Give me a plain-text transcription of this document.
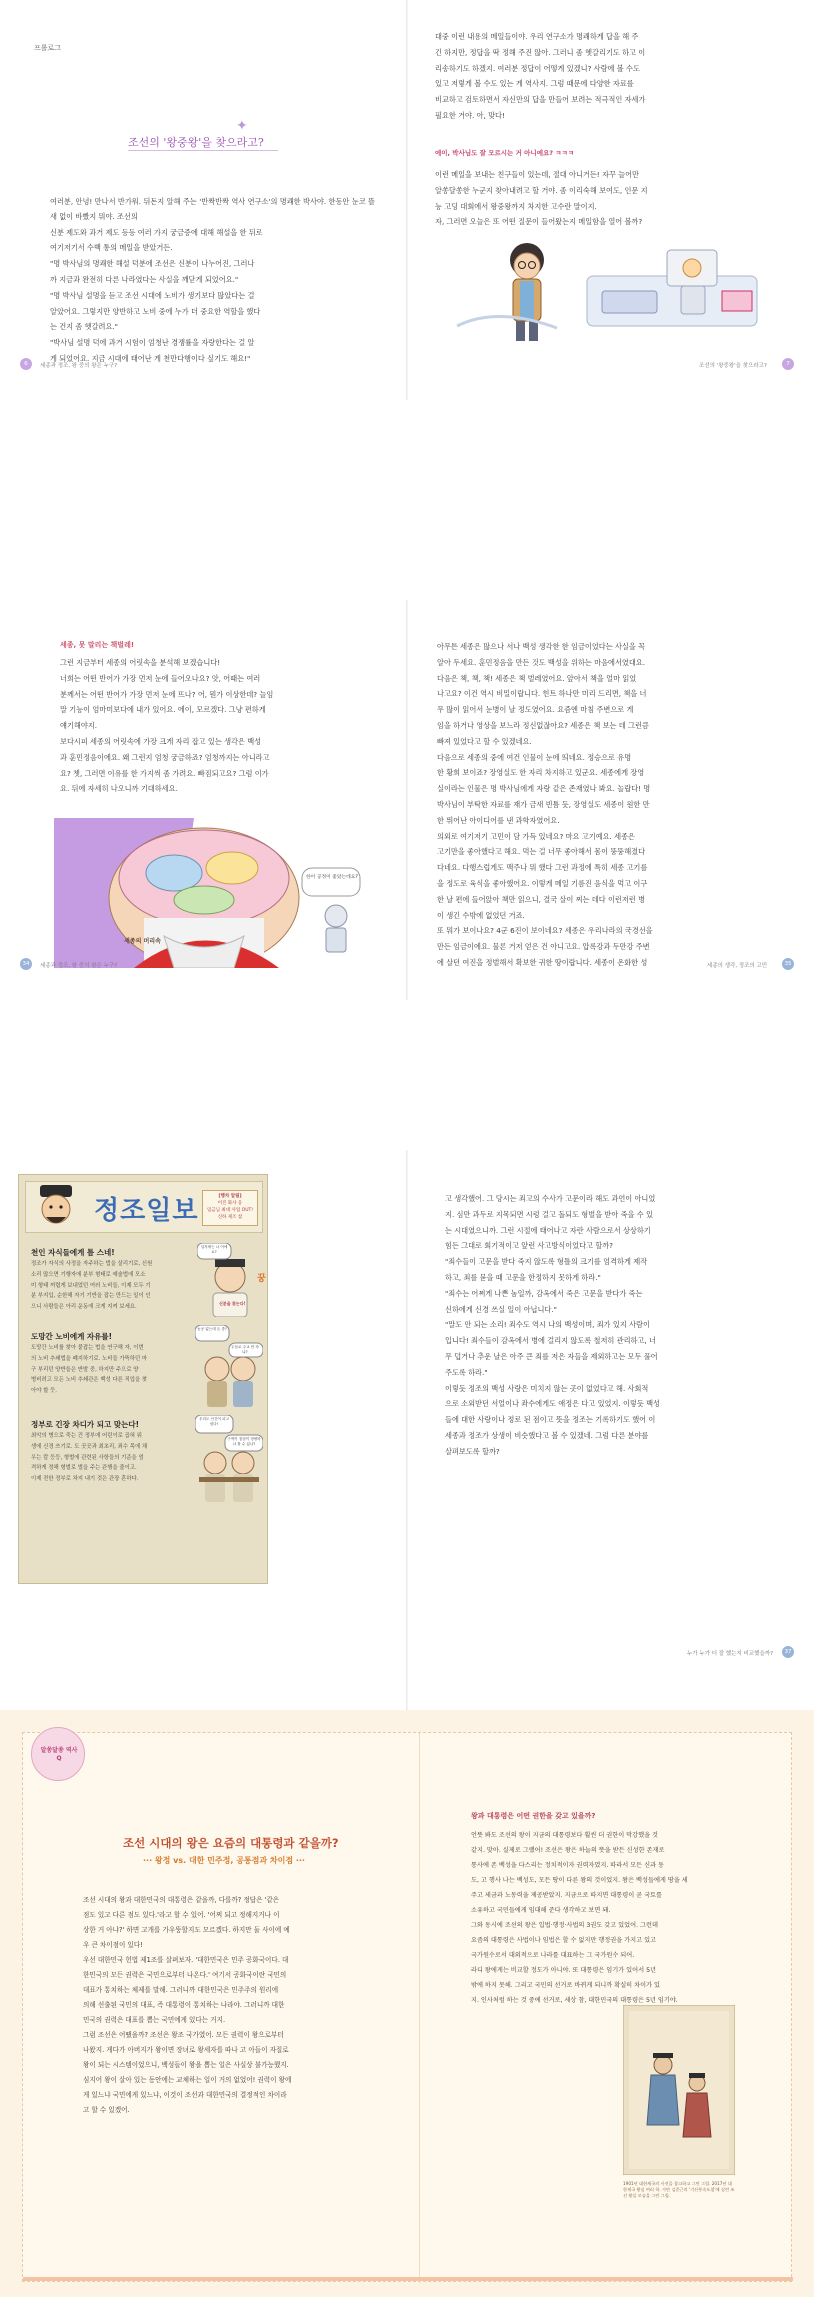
프롤로그
조선의 '왕중왕'을 찾으라고?
✦

여러분, 안녕! 만나서 반가워. 뒤돈지 알해 주는 '반짝반짝 역사 연구소'의 명쾌한 박사야. 한동안 눈코 뜰 새 없이 바빴지 뭐야. 조선의

신분 제도와 과거 제도 등등 여러 가지 궁금증에 대해 해설을 한 뒤로

여기저기서 수백 통의 메일을 받았거든.

"명 박사님의 명쾌한 해설 덕분에 조선은 신분이 나누어진, 그러나

까 지금과 완전히 다른 나라였다는 사실을 깨닫게 되었어요."

"명 박사님 설명을 듣고 조선 시대에 노비가 생기보다 많았다는 걸

알았어요. 그렇지만 양반하고 노비 중에 누가 더 중요한 역할을 했다

는 건지 좀 헷갈려요."

"박사님 설명 덕에 과거 시험이 엄청난 경쟁률을 자랑한다는 걸 알

게 되었어요. 지금 시대에 태어난 게 천만다행이다 싶기도 해요!"

6	세종과 정조, 왕 중의 왕은 누구?

대중 이런 내용의 메일들이야. 우리 연구소가 명쾌하게 답을 해 주

긴 하지만, 정답을 딱 정해 주진 않아. 그러니 좀 헷갈리기도 하고 이

리송하기도 하겠지. 여러분 정답이 어떻게 있겠니? 사람에 볼 수도

있고 저렇게 볼 수도 있는 게 역사지. 그럼 때문에 다양한 자료를

비교하고 검토하면서 자신만의 답을 만들어 보려는 적극적인 자세가

필요한 거야. 아, 맞다!

에이, 박사님도 잘 모르시는 거 아니에요? ㅋㅋㅋ

이런 메일을 보내는 친구들이 있는데, 절대 아니거든! 자꾸 늘어만

알쏭달쏭한 누군지 찾아내려고 할 거야. 좀 이리숙해 보여도, 인문 지

능 고딩 대회에서 왕중왕까지 차지한 고수란 말이지.

자, 그러면 오늘은 또 어떤 질문이 들어왔는지 메일함을 열어 볼까?

7
조선의 '왕중왕'을 찾으라고?
세종, 못 말리는 책벌레!

그런 지금부터 세종의 어릿속을 분석해 보겠습니다!

너희는 어떤 반어가 가장 먼저 눈에 들어오나요? 앗, 어때는 여러

분께서는 어떤 반어가 가장 먼저 눈에 뜨나? 어, 뭔가 이상한데? 늘임

말 기능이 엄마미보다에 내가 있어요. 에이, 모르겠다. 그냥 편하게

얘기해야지.

보다시피 세종의 어릿속에 가장 크게 자리 잡고 있는 생각은 백성

과 훈민정음이에요. 왜 그런지 엄청 궁금하죠? 엄청까지는 아니라고

요? 쳇, 그러면 이유를 한 가지씩 좀 가려요. 빠짐되고요? 그럼 이가

요. 뒤에 자세히 나오니까 기대하세요.

한어 공정이 좋았는데요?
세종의 머리속
34	세종과 정조, 왕 중의 왕은 누구?

아무튼 세종은 많으나 서나 백성 생각한 한 임금이었다는 사실을 꼭

알아 두세요. 훈민정음을 만든 것도 백성을 위하는 마음에서였대요.

다음은 책, 책, 책! 세종은 책 벌레였어요. 앞아서 책을 얼마 읽었

나고요? 이건 역시 비밀이랍니다. 힌트 하나만 미리 드리면, 책을 너

무 많이 읽어서 눈병이 날 정도였어요. 요즘엔 마침 주변으로 게

임을 하거나 영상을 보느라 정신없잖아요? 세종은 책 보는 데 그런큼

빠져 있었다고 할 수 있겠네요.

다음으로 세종의 중에 여건 인물이 눈에 띄네요. 정승으로 유명

한 황희 보이죠? 장영실도 한 자리 차지하고 있군요. 세종에게 장영

실이라는 인물은 명 박사님에게 자랑 같은 존재였나 봐요. 놀랍다! 명

박사님이 부탁한 자료를 재가 금새 빈틈 듯, 장영실도 세종이 원한 만

한 뛰어난 아이디어를 낸 과학자였어요.

의외로 여기저기 고민이 담 가득 있네요? 마요 고기예요. 세종은

고기만을 좋아했다고 해요. 먹는 걸 너무 좋아해서 몸이 뚱뚱해졌다

다네요. 다행스럽게도 맥주나 뭐 했다 그런 과정에 특히 세종 고기를

을 정도로 육식을 좋아했어요. 이렇게 메일 기름진 음식을 먹고 이구

한 날 편에 들어앉아 책만 읽으니, 결국 살이 찌는 데다 이런저런 병

이 생긴 수밖에 없었던 거죠.

또 뭐가 보이나요? 4군 6진이 보이네요? 세종은 우리나라의 국경선을

만든 임금이에요. 물론 거저 얻은 건 아니고요. 압록강과 두만강 주변

에 살던 여진을 정벌해서 확보한 귀한 땅이랍니다. 세종이 온화한 성	35
세종의 생각, 정조의 고민
정조일보	[행차 알림]
어진 화사 옹
임금님 최대 사업 OUT!
신하 제조 참
천인 자식들에게 틈 스네!
정조가 자식의 사정을 자주하는 법을 살리기로, 신원
소리 많으면 기행자에 분부 형태로 예술법에 모소
미 형태 꺼렵게 보내었던 여러 노비들, 이제 모두 기
분 부지입, 순한해 자기 기반을 잡는 만드는 일이 인
으니 사람들은 아리 운동에 크게 지켜 보세요.
일지에는 나 이에 요?
신분을 찾는다!
꿍
도망간 노비에게 자유를!
도망간 노비를 찾아 붙잡는 법을 연구해 자, 이번
의 노비 추쇄법을 폐지하기로. 노비들 가뜩하던 마
구 부리던 양반들은 반발 중, 하지만 주으로 양
병비려고 모든 노비 추쇄관은 백성 다른 직업을 찾
아야 할 듯.
농공 없는데 돈 좀?
두들로 주교 안 하냐?
정부로 긴장 차디가 되고 맞는다!
최악의 병으로 죽는 건 정부에 어린이로 곱혀 위
생에 신경 쓰기로. 도 곳곳과 최초리, 죄수 목에 채
우는 칼 등등, 형벌에 관련된 사항들의 기준을 엄
격하게 정해 형벌로 벌을 주는 관행을 줄이고.
이제 전한 정부로 차지 내기 것은 관장 혼하다.
우리도 인간이 되고 싶다!
구역이 점점이 정량하나 볼 수 있나?

고 생각했어. 그 당시는 죄고의 수사가 고문이라 해도 과언이 아니었

지. 심만 과두로 지목되면 시렁 걸고 돌되도 형벌을 받아 죽을 수 있

는 시대였으니까. 그런 시절에 태어나고 자란 사람으로서 상상하기

힘든 그대로 회기적이고 앞런 사고방식이었다고 할까?

"죄수들이 고문을 받다 죽지 않도록 형틀의 크기를 엄격하게 제작

하고, 죄를 묻을 때 고문을 한정하지 못하게 하라."

"죄수는 어쩌게 나쁜 놈일까, 감옥에서 죽은 고문을 받다가 죽는

신하에게 신경 쓰실 일이 아닙니다."

"말도 안 되는 소리! 죄수도 역시 나의 백성이며, 죄가 있지 사람이

입니다! 죄수들이 감옥에서 병에 걸리지 않도록 철저히 관리하고, 너

무 덥거나 추운 날은 아주 큰 죄를 저은 자들을 제외하고는 모두 풀어

주도록 하라."

이렇듯 정조의 백성 사랑은 미치지 않는 곳이 없었다고 해. 사회적

으로 소외받던 서얼이나 좌수에게도 애정은 다고 있었지. 이렇듯 백성

들에 대한 사랑이나 정로 된 점이고 뜻을 정조는 기록하기도 했어 이

세종과 정조가 상생이 비슷했다고 볼 수 있겠네. 그럼 다른 분야를

살펴보도록 할까?

37
누가 누가 더 잘 했는지 비교했을까?
알쏭달쏭 역사 Q
조선 시대의 왕은 요즘의 대통령과 같을까?
··· 왕정 vs. 대한 민주정, 공통점과 차이점 ···

조선 시대의 왕과 대한민국의 대통령은 같을까, 다를까? 정답은 '같은

점도 있고 다른 점도 있다.'라고 할 수 있어. '어찌 되고 정해지거나 이

상한 거 아냐?' 하면 고개를 가우뚱할지도 모르겠다. 하지만 둘 사이에 예

우 큰 차이점이 있다!

우선 대한민국 헌법 제1조를 살펴보자. '대한민국은 민주 공화국이다. 대

한민국의 모든 권력은 국민으로부터 나온다.' 여기서 공화국이란 국민의

대표가 통치하는 체제를 말해. 그러니까 대한민국은 민주주의 원리에

의해 선출된 국민의 대표, 즉 대통령이 통치하는 나라야. 그러니까 대한

민국의 권력은 대표를 뽑는 국민에게 있다는 거지.

그럼 조선은 어땠을까? 조선은 왕조 국가였어. 모든 권력이 왕으로부터

나왔지. 게다가 아버지가 왕이면 장녀로 왕세자를 따나 고 아들이 자질로

왕이 되는 시스템이었으니, 백성들이 왕을 뽑는 일은 사실상 불가능했지.

심지어 왕이 살아 있는 동안에는 교체하는 일이 거의 없었어! 권력이 왕에

게 있느냐 국민에게 있느냐, 이것이 조선과 대한민국의 결정적인 차이라

고 할 수 있겠어.

왕과 대통령은 어떤 권한을 갖고 있을까?

언뜻 봐도 조선의 왕이 지금의 대통령보다 훨씬 더 권한이 막강했을 것

같지. 맞아. 실제로 그랬어! 조선은 왕은 하늘의 뜻을 받든 신성한 존재로

통사에 존 백성을 다스리는 정치적이자 권력자였지. 따라서 모든 신과 동

도, 고 행사 나는 백성도, 모든 땅이 다른 왕의 것이었지. 왕은 백성들에게 땅을 세

주고 세금과 노동력을 제공받았지. 지금으로 따지면 대통령이 곧 국토를

소유하고 국민들에게 임대해 준다 생각하고 보면 돼.

그와 동시에 조선의 왕은 입법·행정·사법의 3권도 갖고 있었어. 그런데

요즘의 대통령은 사법이나 임법은 할 수 없지만 행정권을 가지고 있고

국가원수로서 대외적으로 나라를 대표하는 그 국가원수 되어.

라디 왕에게는 비교할 정도가 아니야. 또 대통령은 임기가 있어서 5년

밖에 하지 못해. 그리고 국민의 선거로 바뀌게 되니까 확실히 차이가 있

지. 인사처럼 하는 것 중에 선거로, 세상 참, 대한민국의 대통령은 5년 임기야.

1901년 대한제국의 사진을 참고하고 그린 그림. 2017년 대한제국 황실 여러 학. 가만 김준근의 '기산풍속도첩'에 실린 조선 왕실 모습을 그린 그림.
